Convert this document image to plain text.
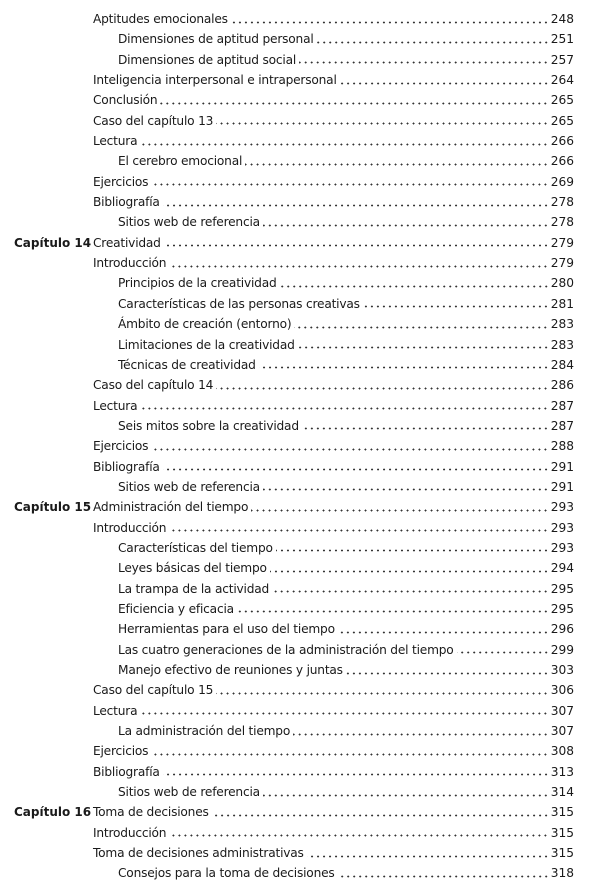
Aptitudes emocionales	248
Dimensiones de aptitud personal	251
Dimensiones de aptitud social	257
Inteligencia interpersonal e intrapersonal	264
Conclusión	265
Caso del capítulo 13	265
Lectura	266
El cerebro emocional	266
Ejercicios	269
Bibliografía	278
Sitios web de referencia	278
Capítulo 14 Creatividad	279
Introducción	279
Principios de la creatividad	280
Características de las personas creativas	281
Ámbito de creación (entorno)	283
Limitaciones de la creatividad	283
Técnicas de creatividad	284
Caso del capítulo 14	286
Lectura	287
Seis mitos sobre la creatividad	287
Ejercicios	288
Bibliografía	291
Sitios web de referencia	291
Capítulo 15 Administración del tiempo	293
Introducción	293
Características del tiempo	293
Leyes básicas del tiempo	294
La trampa de la actividad	295
Eficiencia y eficacia	295
Herramientas para el uso del tiempo	296
Las cuatro generaciones de la administración del tiempo	299
Manejo efectivo de reuniones y juntas	303
Caso del capítulo 15	306
Lectura	307
La administración del tiempo	307
Ejercicios	308
Bibliografía	313
Sitios web de referencia	314
Capítulo 16 Toma de decisiones	315
Introducción	315
Toma de decisiones administrativas	315
Consejos para la toma de decisiones	318
